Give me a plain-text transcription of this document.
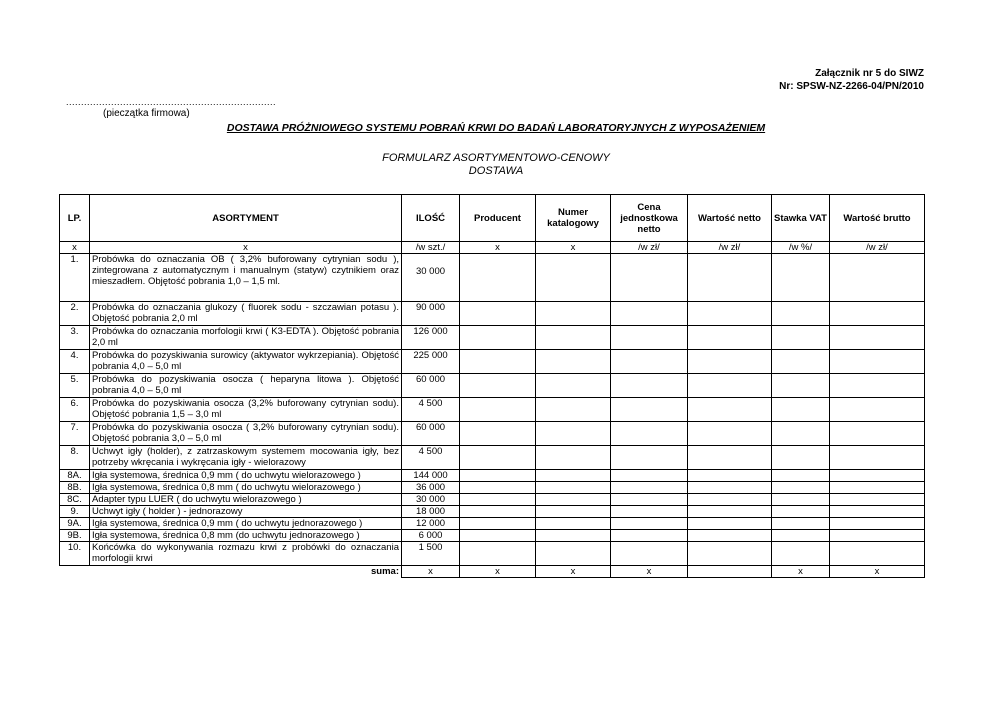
Załącznik nr 5 do SIWZ
Nr: SPSW-NZ-2266-04/PN/2010
......................................................................
(pieczątka firmowa)
DOSTAWA PRÓŻNIOWEGO SYSTEMU POBRAŃ KRWI DO BADAŃ LABORATORYJNYCH Z WYPOSAŻENIEM
FORMULARZ ASORTYMENTOWO-CENOWY
DOSTAWA
LP.	ASORTYMENT	ILOŚĆ	Producent	Numer katalogowy	Cena jednostkowa netto	Wartość netto	Stawka VAT	Wartość brutto
x	x	/w szt./	x	x	/w zł/	/w zł/	/w %/	/w zł/
1.	Probówka do oznaczania OB ( 3,2% buforowany cytrynian sodu ), zintegrowana z automatycznym i manualnym (statyw) czytnikiem oraz mieszadłem. Objętość pobrania 1,0 – 1,5 ml.	30 000						
2.	Probówka do oznaczania glukozy ( fluorek sodu - szczawian potasu ). Objętość pobrania 2,0 ml	90 000						
3.	Probówka do oznaczania morfologii krwi ( K3-EDTA ). Objętość pobrania 2,0 ml	126 000						
4.	Probówka do pozyskiwania surowicy (aktywator wykrzepiania). Objętość pobrania 4,0 – 5,0 ml	225 000						
5.	Probówka do pozyskiwania osocza ( heparyna litowa ). Objętość pobrania 4,0 – 5,0 ml	60 000						
6.	Probówka do pozyskiwania osocza (3,2% buforowany cytrynian sodu). Objętość pobrania 1,5 – 3,0 ml	4 500						
7.	Probówka do pozyskiwania osocza ( 3,2% buforowany cytrynian sodu). Objętość pobrania 3,0 – 5,0 ml	60 000						
8.	Uchwyt igły (holder), z zatrzaskowym systemem mocowania igły, bez potrzeby wkręcania i wykręcania igły - wielorazowy	4 500						
8A.	Igła systemowa, średnica 0,9 mm ( do uchwytu wielorazowego )	144 000						
8B.	Igła systemowa, średnica 0,8 mm ( do uchwytu wielorazowego )	36 000						
8C.	Adapter typu LUER ( do uchwytu wielorazowego )	30 000						
9.	Uchwyt igły ( holder ) - jednorazowy	18 000						
9A.	Igła systemowa, średnica 0,9 mm ( do uchwytu jednorazowego )	12 000						
9B.	Igła systemowa, średnica 0,8 mm (do uchwytu jednorazowego )	6 000						
10.	Końcówka do wykonywania rozmazu krwi z probówki do oznaczania morfologii krwi	1 500						
	suma:	x	x	x	x		x	x
